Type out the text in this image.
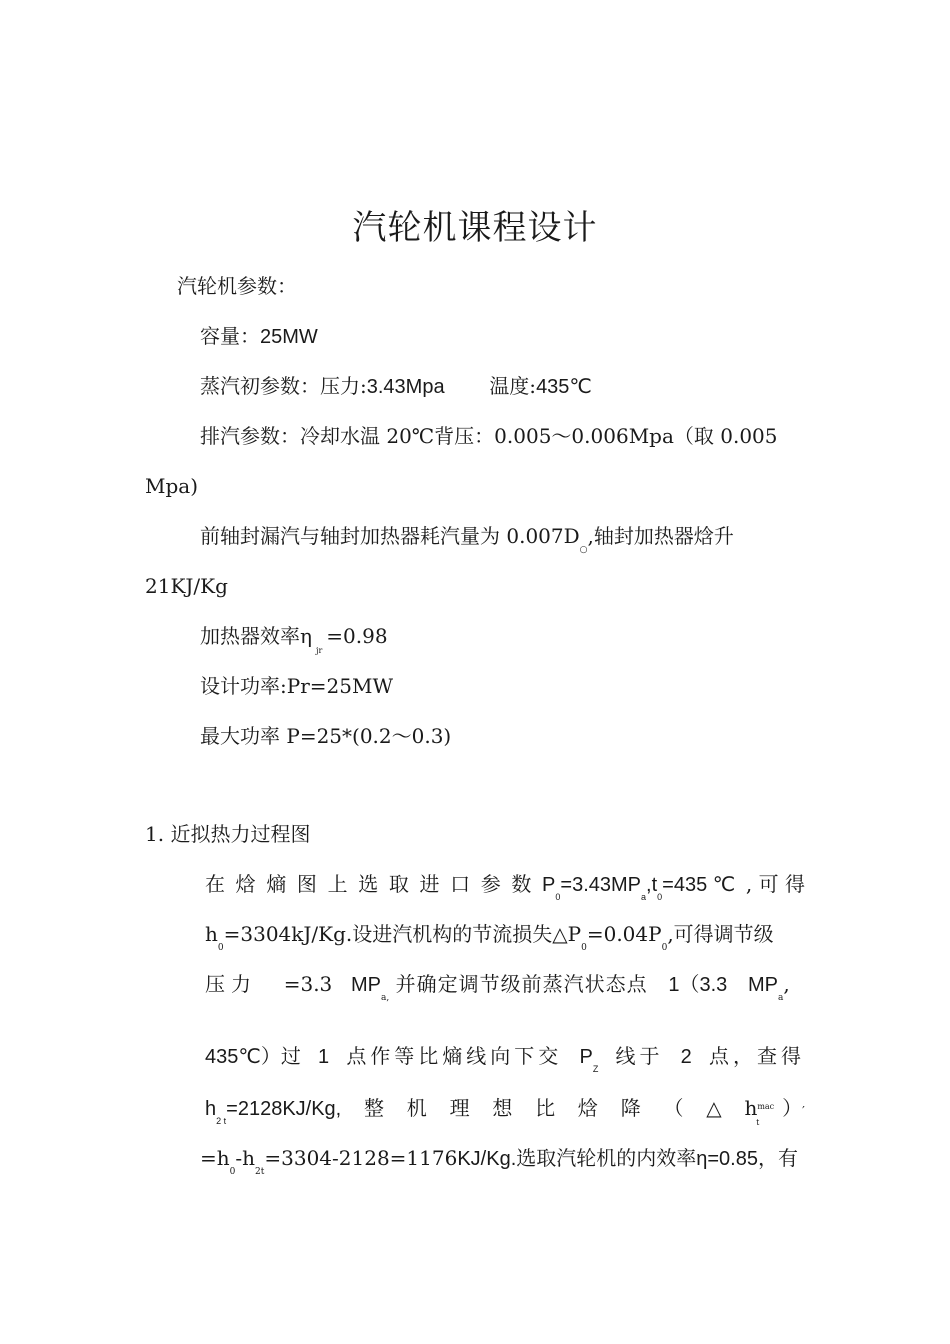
汽轮机课程设计
汽轮机参数：
容量：25MW
蒸汽初参数：压力:3.43Mpa 温度:435℃
排汽参数：冷却水温 20℃背压：0.005～0.006Mpa（取 0.005
Mpa)
前轴封漏汽与轴封加热器耗汽量为 $0.007D_○$,轴封加热器焓升
21KJ/Kg
加热器效率$\eta_{jr}=0.98$
设计功率:Pr=25MW
最大功率 P=25*(0.2～0.3)
1. 近拟热力过程图
在 焓 熵 图 上 选 取 进 口 参 数 $P_0=3.43MP_a,t_0=435$ ℃ , 可 得
$h_0=3304kJ/Kg$.设进汽机构的节流损失$\triangle P_0=0.04P_0$,可得调节级
压力 =3.3 $MP_{a,}$ 并确定调节级前蒸汽状态点 1（3.3 $MP_a$,
435℃）过 1 点作等比熵线向下交 $P_Z$
线于 2 点，查得
$h_{2 t}=2128KJ/Kg$, 整 机 理 想 比 焓 降 （ △ $h^{mac}_t$
）′
$=h_0-h_{2t}=3304-2128=1176KJ/Kg$.选取汽轮机的内效率η=0.85，有
